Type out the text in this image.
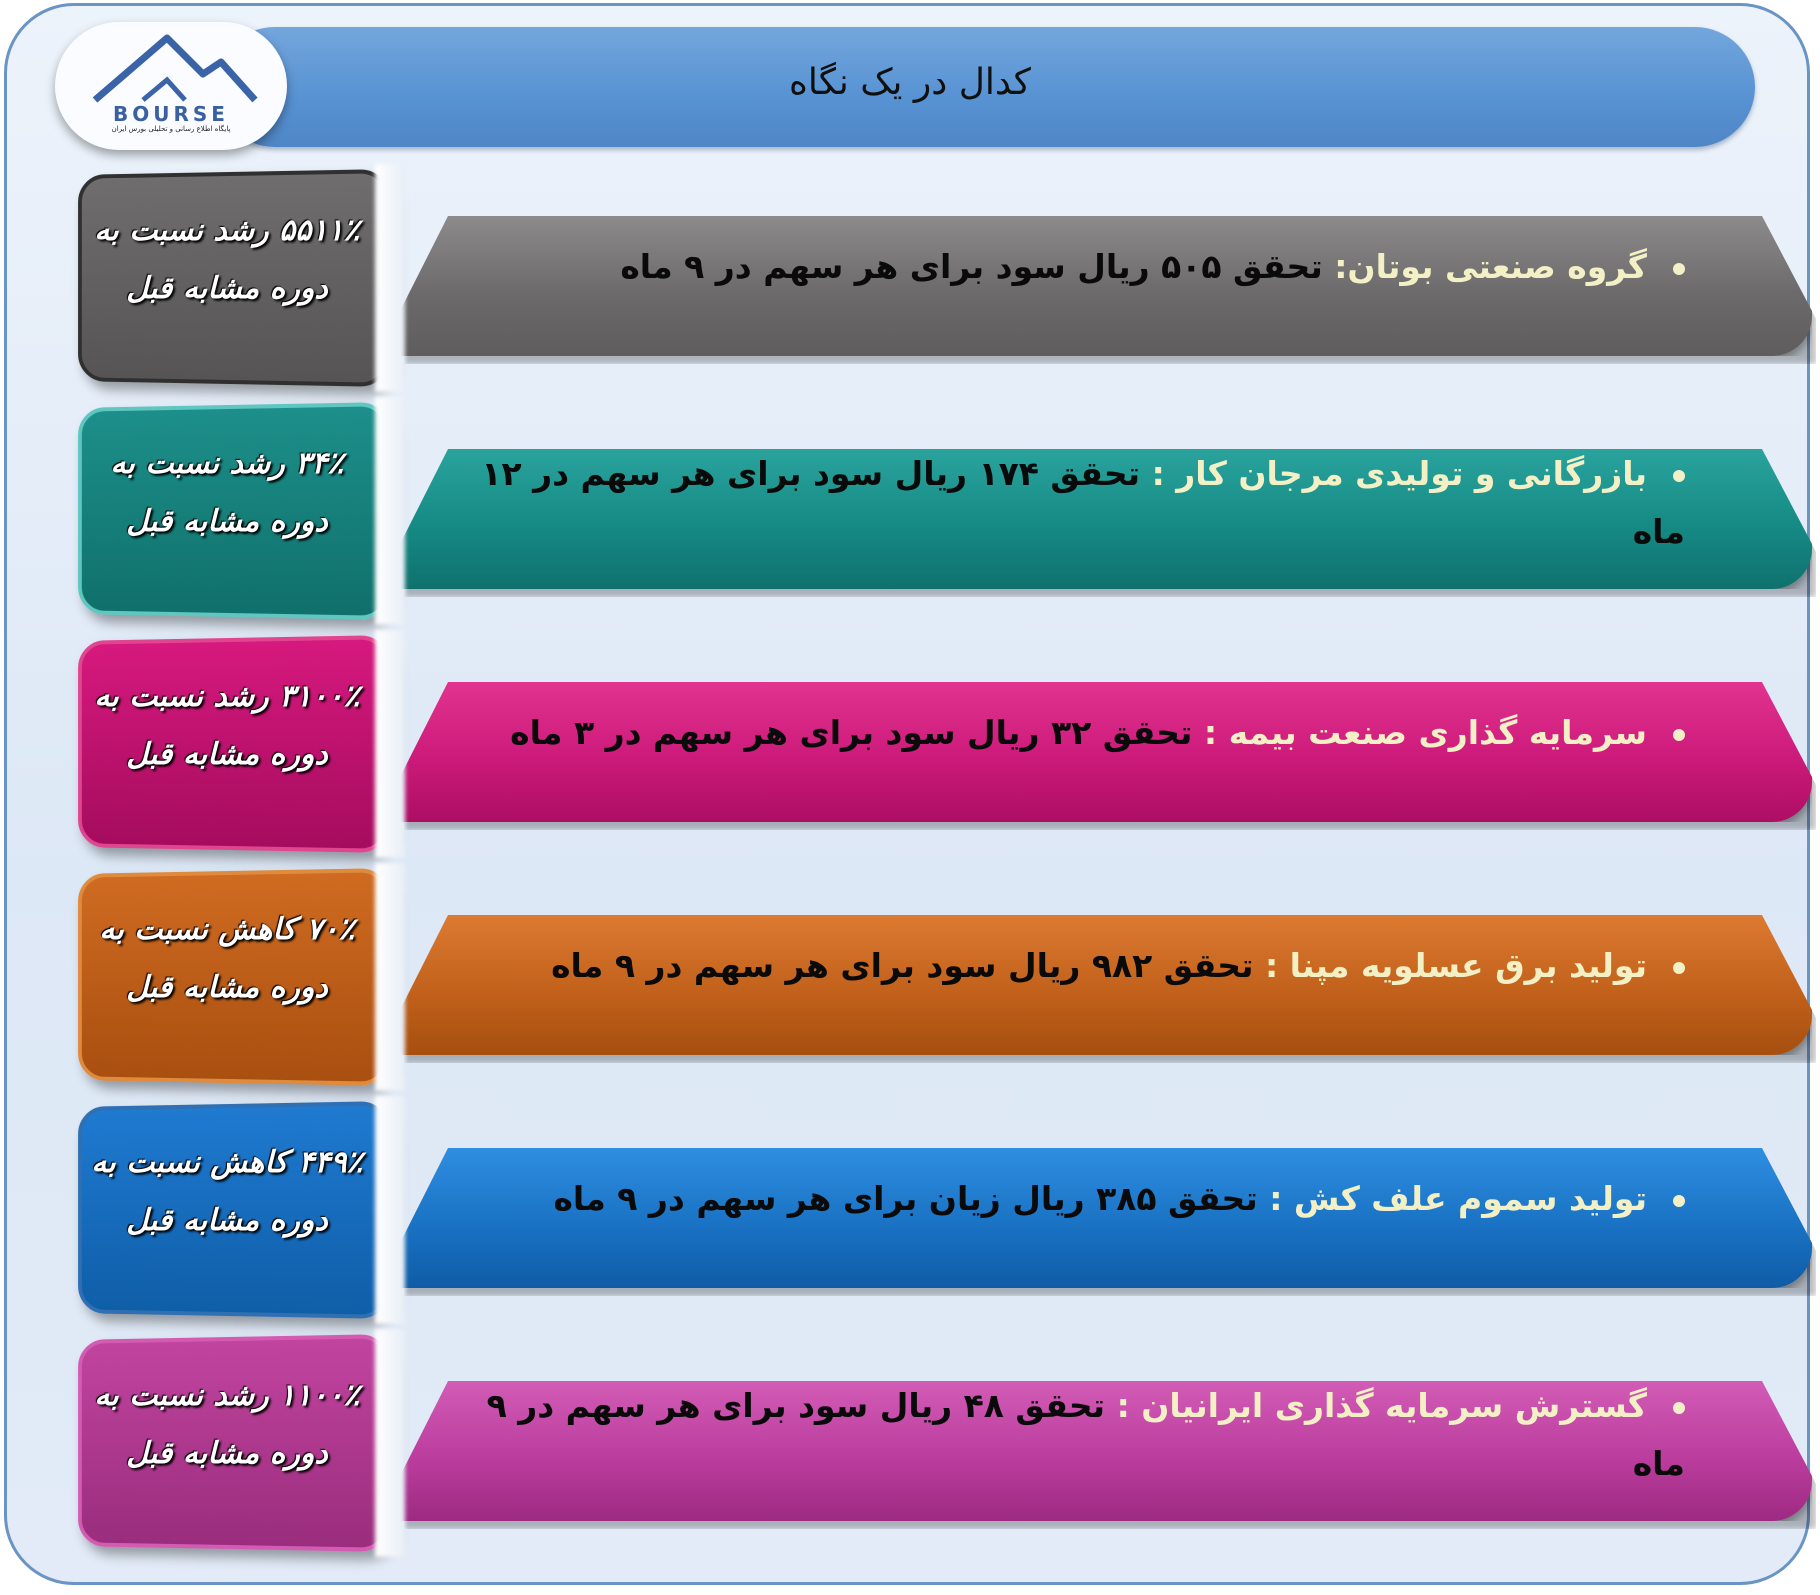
کدال در یک نگاه
BOURSE
پایگاه اطلاع رسانی و تحلیلی بورس ایران
گروه صنعتی بوتان: تحقق ۵۰۵ ریال سود برای هر سهم در ۹ ماه
۵۵۱۱٪ رشد نسبت به دوره مشابه قبل
بازرگانی و تولیدی مرجان کار : تحقق ۱۷۴ ریال سود برای هر سهم در ۱۲ ماه
۳۴٪ رشد نسبت به دوره مشابه قبل
سرمایه گذاری صنعت بیمه : تحقق ۳۲ ریال سود برای هر سهم در ۳ ماه
۳۱۰۰٪ رشد نسبت به دوره مشابه قبل
تولید برق عسلویه مپنا : تحقق ۹۸۲ ریال سود برای هر سهم در ۹ ماه
۷۰٪ کاهش نسبت به دوره مشابه قبل
تولید سموم علف کش : تحقق ۳۸۵ ریال زیان برای هر سهم در ۹ ماه
۴۴۹٪ کاهش نسبت به دوره مشابه قبل
گسترش سرمایه گذاری ایرانیان : تحقق ۴۸ ریال سود برای هر سهم در ۹ ماه
۱۱۰۰٪ رشد نسبت به دوره مشابه قبل
